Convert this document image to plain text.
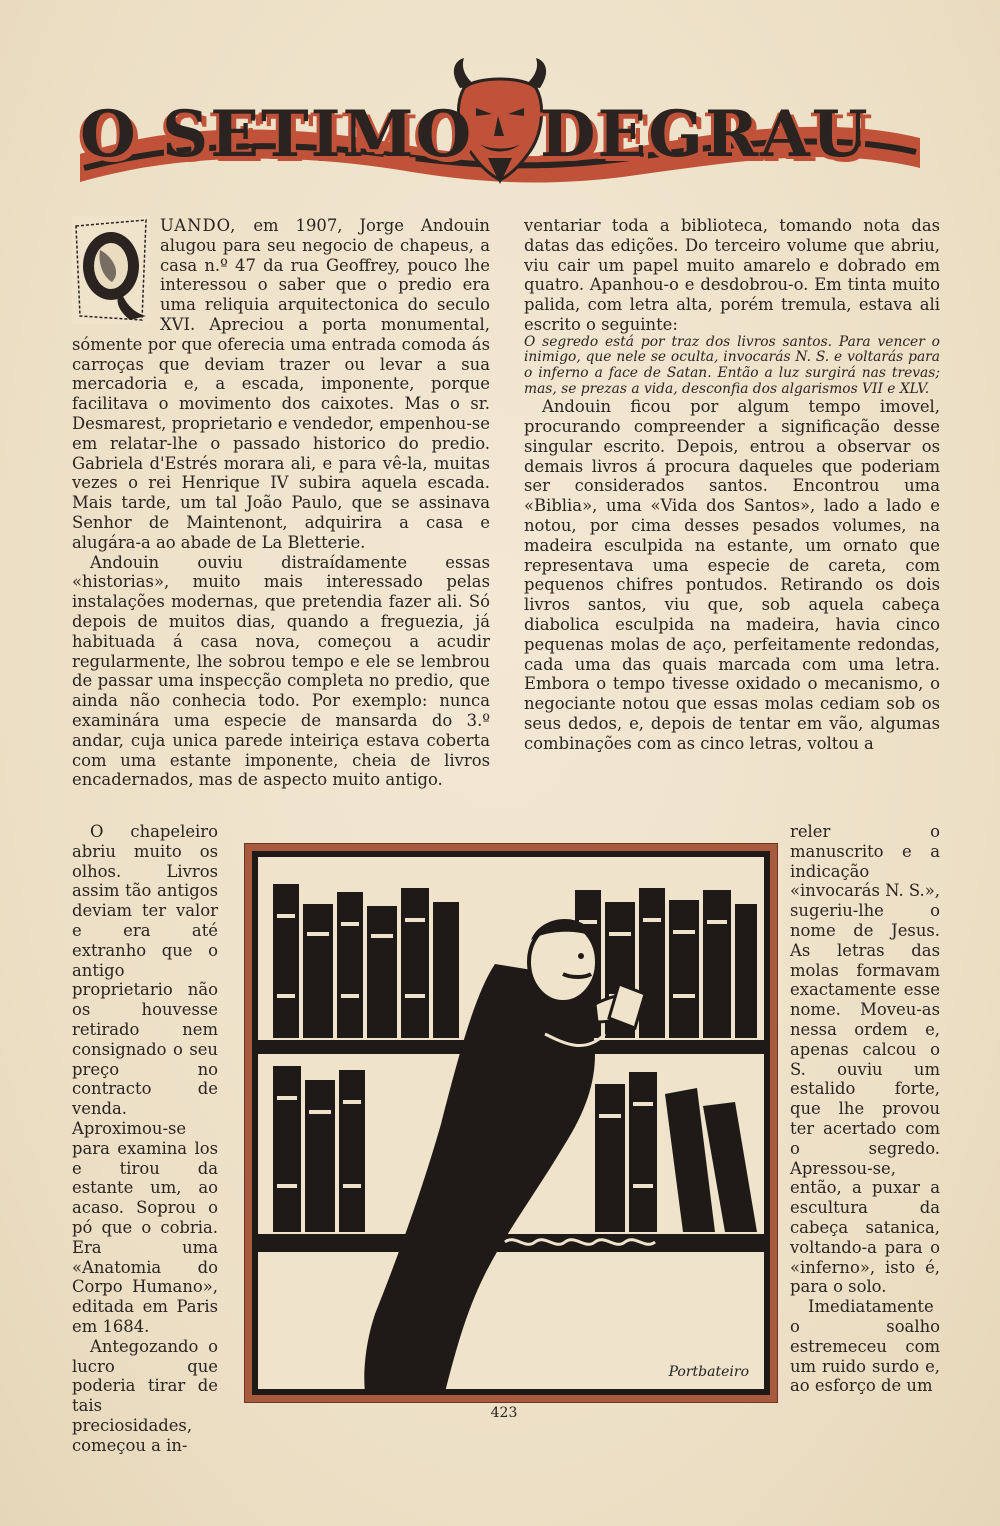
O SETIMO DEGRAU

UANDO, em 1907, Jorge Andouin alugou para seu negocio de chapeus, a casa n.º 47 da rua Geoffrey, pouco lhe interessou o saber que o predio era uma reliquia arquitectonica do seculo XVI. Apreciou a porta monumental, sómente por que oferecia uma entrada comoda ás carroças que deviam trazer ou levar a sua mercadoria e, a escada, imponente, porque facilitava o movimento dos caixotes. Mas o sr. Desmarest, proprietario e vendedor, empenhou-se em relatar-lhe o passado historico do predio. Gabriela d'Estrés morara ali, e para vê-la, muitas vezes o rei Henrique IV subira aquela escada. Mais tarde, um tal João Paulo, que se assinava Senhor de Maintenont, adquirira a casa e alugára-a ao abade de La Bletterie.

Andouin ouviu distraídamente essas «historias», muito mais interessado pelas instalações modernas, que pretendia fazer ali. Só depois de muitos dias, quando a freguezia, já habituada á casa nova, começou a acudir regularmente, lhe sobrou tempo e ele se lembrou de passar uma inspecção completa no predio, que ainda não conhecia todo. Por exemplo: nunca examinára uma especie de mansarda do 3.º andar, cuja unica parede inteiriça estava coberta com uma estante imponente, cheia de livros encadernados, mas de aspecto muito antigo.

ventariar toda a biblioteca, tomando nota das datas das edições. Do terceiro volume que abriu, viu cair um papel muito amarelo e dobrado em quatro. Apanhou-o e desdobrou-o. Em tinta muito palida, com letra alta, porém tremula, estava ali escrito o seguinte:

O segredo está por traz dos livros santos. Para vencer o inimigo, que nele se oculta, invocarás N. S. e voltarás para o inferno a face de Satan. Então a luz surgirá nas trevas; mas, se prezas a vida, desconfia dos algarismos VII e XLV.

Andouin ficou por algum tempo imovel, procurando compreender a significação desse singular escrito. Depois, entrou a observar os demais livros á procura daqueles que poderiam ser considerados santos. Encontrou uma «Biblia», uma «Vida dos Santos», lado a lado e notou, por cima desses pesados volumes, na madeira esculpida na estante, um ornato que representava uma especie de careta, com pequenos chifres pontudos. Retirando os dois livros santos, viu que, sob aquela cabeça diabolica esculpida na madeira, havia cinco pequenas molas de aço, perfeitamente redondas, cada uma das quais marcada com uma letra. Embora o tempo tivesse oxidado o mecanismo, o negociante notou que essas molas cediam sob os seus dedos, e, depois de tentar em vão, algumas combinações com as cinco letras, voltou a

O chapeleiro abriu muito os olhos. Livros assim tão antigos deviam ter valor e era até extranho que o antigo proprietario não os houvesse retirado nem consignado o seu preço no contracto de venda. Aproximou-se para examina los e tirou da estante um, ao acaso. Soprou o pó que o cobria. Era uma «Anatomia do Corpo Humano», editada em Paris em 1684.

Antegozando o lucro que poderia tirar de tais preciosidades, começou a in-

reler o manuscrito e a indicação «invocarás N. S.», sugeriu-lhe o nome de Jesus. As letras das molas formavam exactamente esse nome. Moveu-as nessa ordem e, apenas calcou o S. ouviu um estalido forte, que lhe provou ter acertado com o segredo. Apressou-se, então, a puxar a escultura da cabeça satanica, voltando-a para o «inferno», isto é, para o solo.

Imediatamente o soalho estremeceu com um ruido surdo e, ao esforço de um

Portbateiro
423
